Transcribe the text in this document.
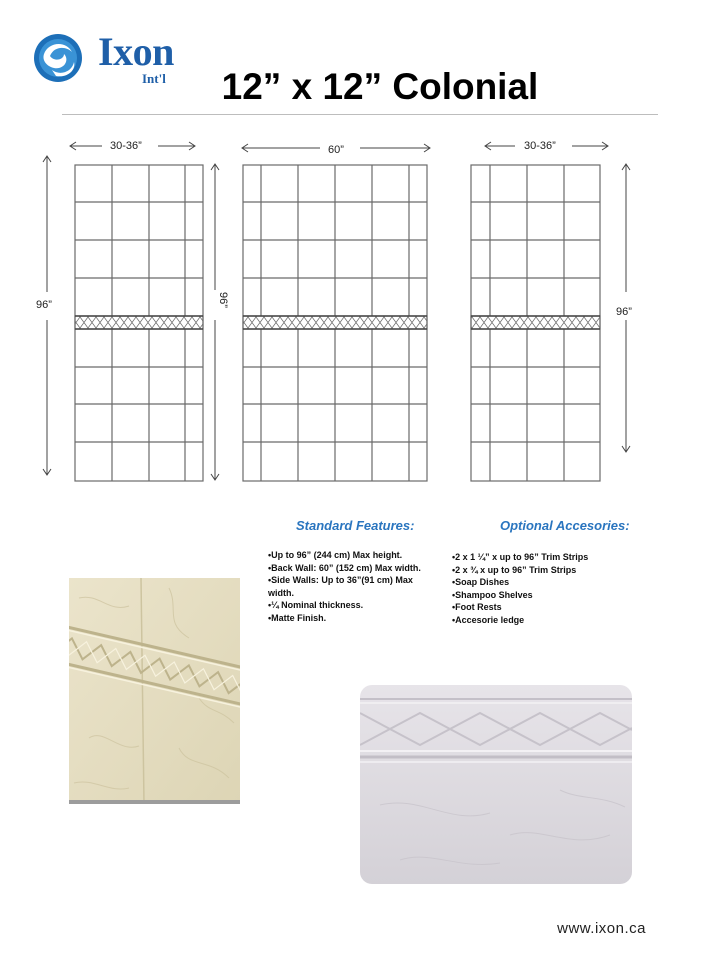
Ixon
Int'l	12” x 12” Colonial
30-36”	60”	30-36”
96”	96”
96”
Standard Features:
• Up to 96” (244 cm) Max height.
• Back Wall: 60” (152 cm) Max width.
• Side Walls: Up to 36”(91 cm) Max width.
• ¼ Nominal thickness.
• Matte Finish.
Optional Accesories:
• 2 x 1 ¼” x up to 96” Trim Strips
• 2 x ¾ x up to 96” Trim Strips
• Soap Dishes
• Shampoo Shelves
• Foot Rests
• Accesorie ledge
www.ixon.ca
